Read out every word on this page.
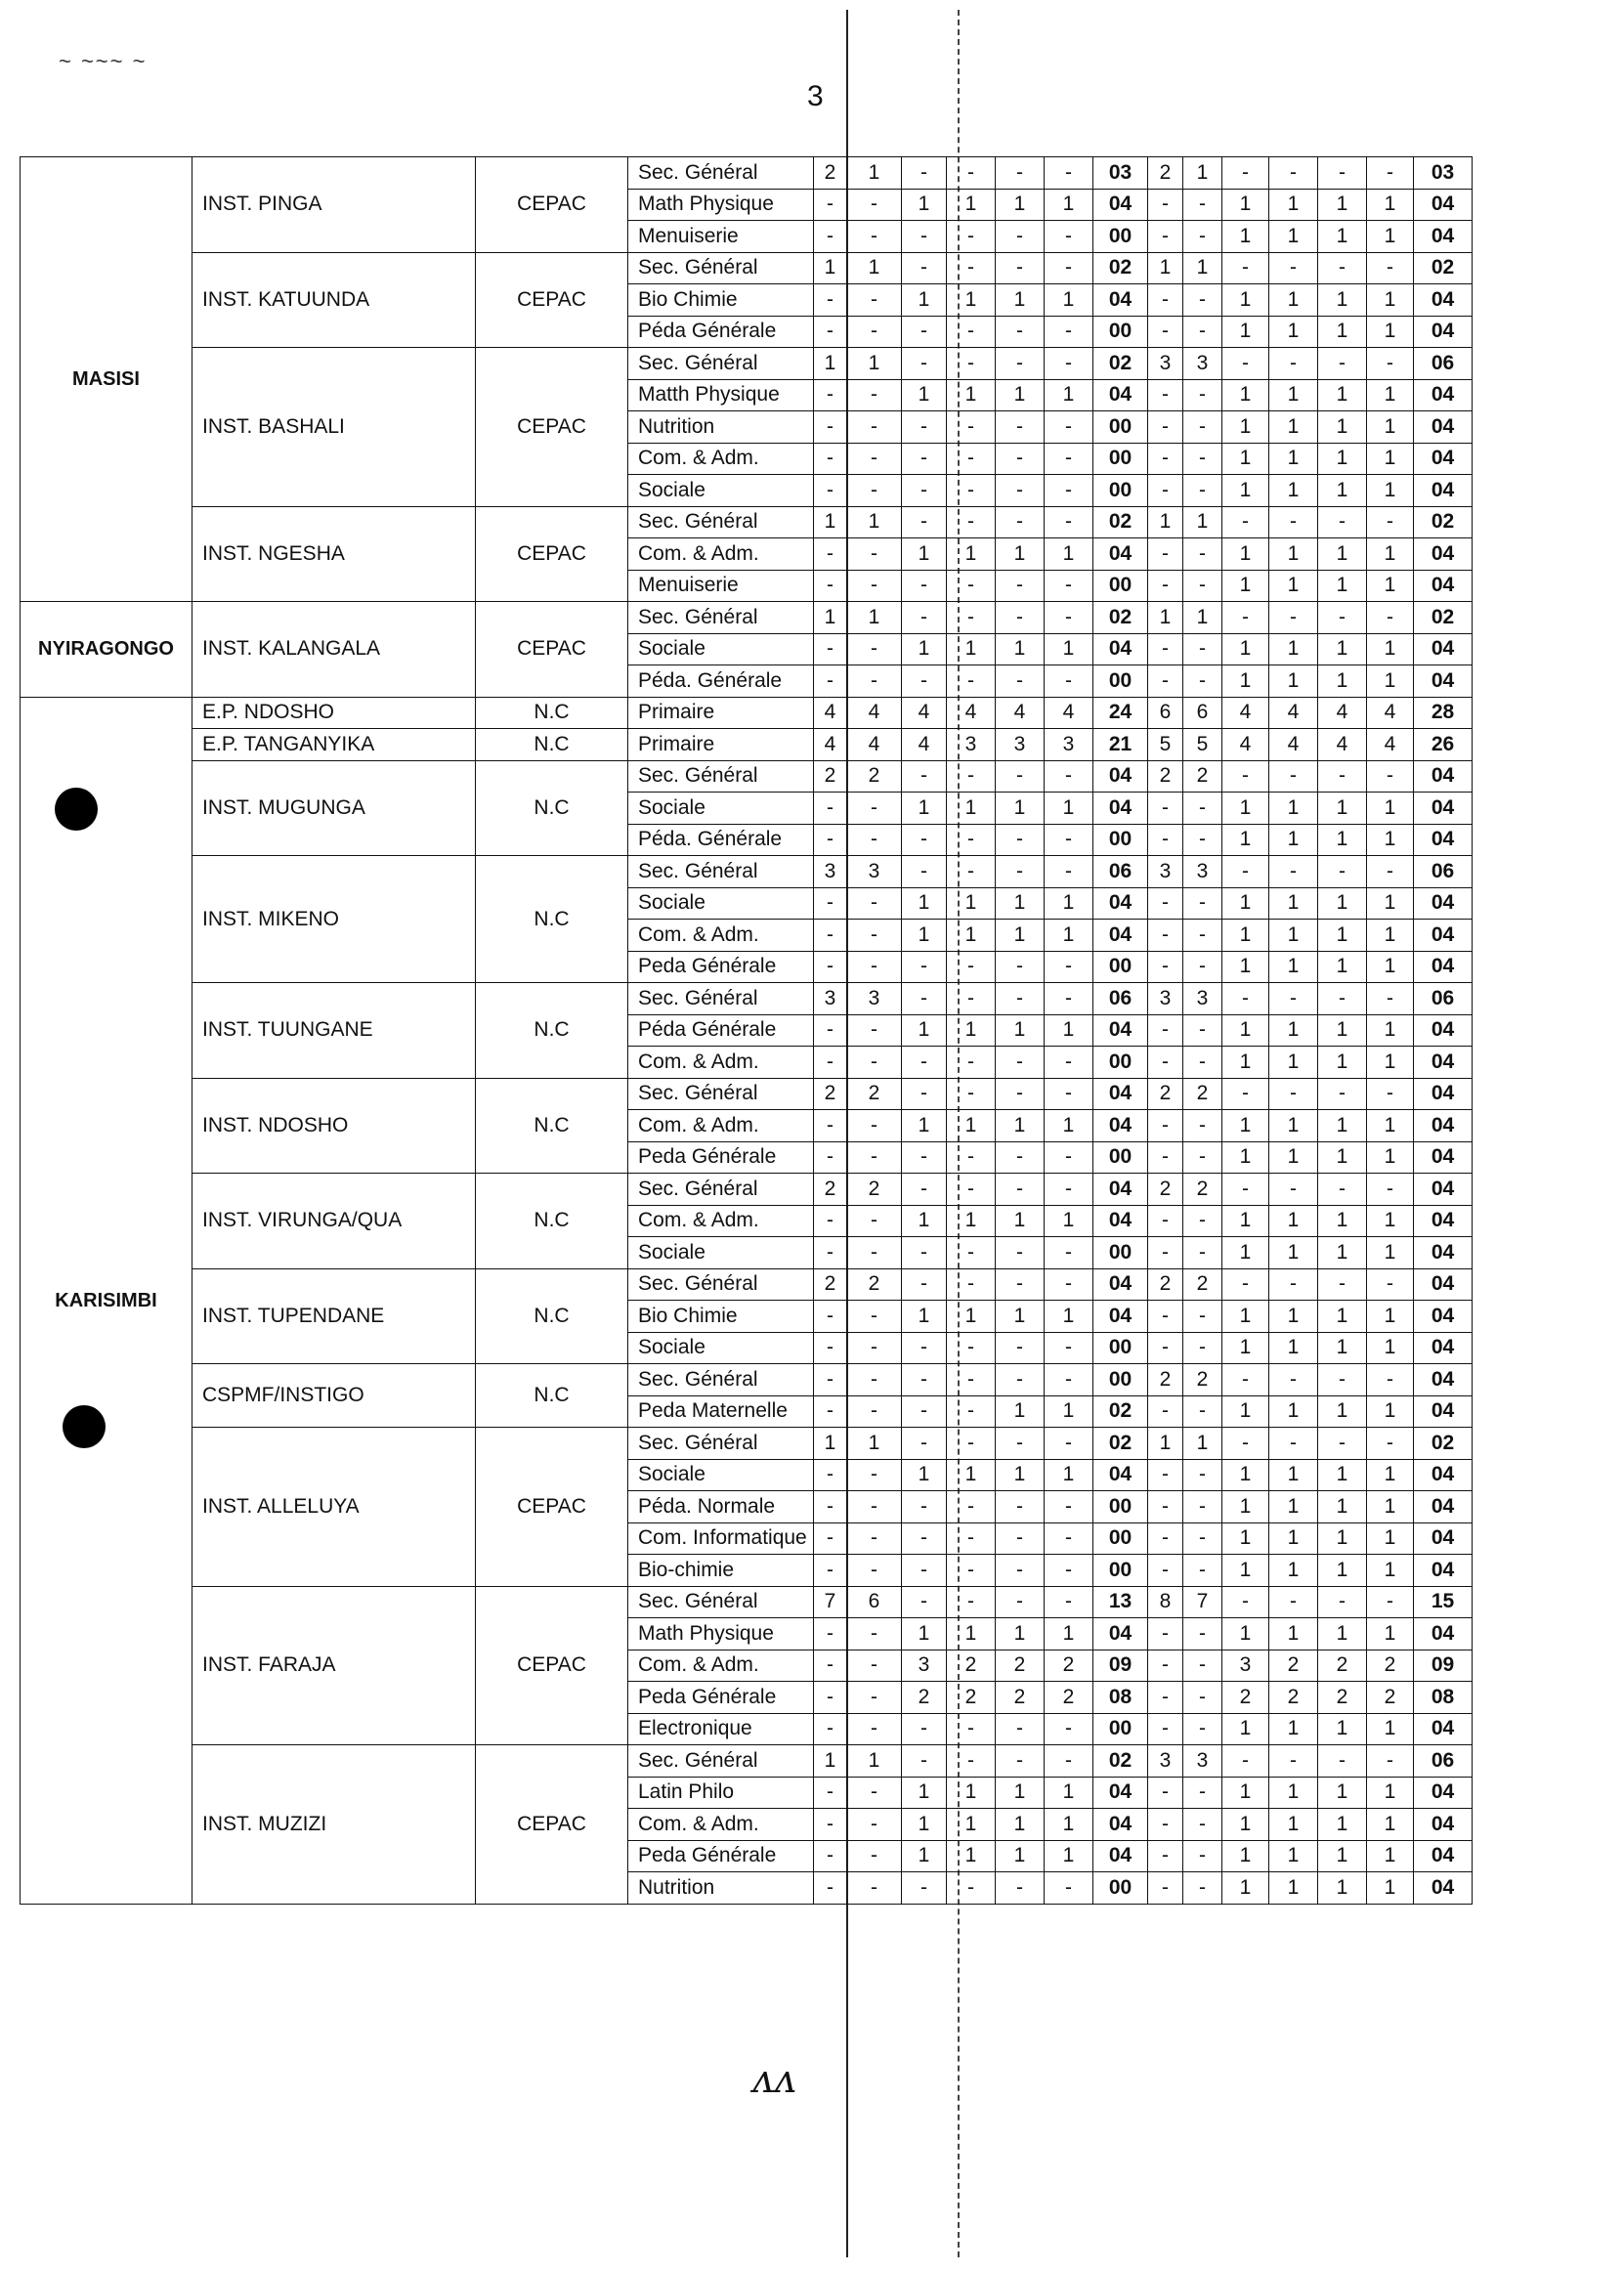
~ ~~~ ~
3
MASISI	INST. PINGA	CEPAC	Sec. Général	2	1	-	-	-	-	03	2	1	-	-	-	-	03
			Math Physique	-	-	1	1	1	1	04	-	-	1	1	1	1	04
			Menuiserie	-	-	-	-	-	-	00	-	-	1	1	1	1	04
	INST. KATUUNDA	CEPAC	Sec. Général	1	1	-	-	-	-	02	1	1	-	-	-	-	02
			Bio Chimie	-	-	1	1	1	1	04	-	-	1	1	1	1	04
			Péda Générale	-	-	-	-	-	-	00	-	-	1	1	1	1	04
	INST. BASHALI	CEPAC	Sec. Général	1	1	-	-	-	-	02	3	3	-	-	-	-	06
			Matth Physique	-	-	1	1	1	1	04	-	-	1	1	1	1	04
			Nutrition	-	-	-	-	-	-	00	-	-	1	1	1	1	04
			Com. & Adm.	-	-	-	-	-	-	00	-	-	1	1	1	1	04
			Sociale	-	-	-	-	-	-	00	-	-	1	1	1	1	04
	INST. NGESHA	CEPAC	Sec. Général	1	1	-	-	-	-	02	1	1	-	-	-	-	02
			Com. & Adm.	-	-	1	1	1	1	04	-	-	1	1	1	1	04
			Menuiserie	-	-	-	-	-	-	00	-	-	1	1	1	1	04
NYIRAGONGO	INST. KALANGALA	CEPAC	Sec. Général	1	1	-	-	-	-	02	1	1	-	-	-	-	02
			Sociale	-	-	1	1	1	1	04	-	-	1	1	1	1	04
			Péda. Générale	-	-	-	-	-	-	00	-	-	1	1	1	1	04
KARISIMBI	E.P. NDOSHO	N.C	Primaire	4	4	4	4	4	4	24	6	6	4	4	4	4	28
	E.P. TANGANYIKA	N.C	Primaire	4	4	4	3	3	3	21	5	5	4	4	4	4	26
	INST. MUGUNGA	N.C	Sec. Général	2	2	-	-	-	-	04	2	2	-	-	-	-	04
			Sociale	-	-	1	1	1	1	04	-	-	1	1	1	1	04
			Péda. Générale	-	-	-	-	-	-	00	-	-	1	1	1	1	04
	INST. MIKENO	N.C	Sec. Général	3	3	-	-	-	-	06	3	3	-	-	-	-	06
			Sociale	-	-	1	1	1	1	04	-	-	1	1	1	1	04
			Com. & Adm.	-	-	1	1	1	1	04	-	-	1	1	1	1	04
			Peda Générale	-	-	-	-	-	-	00	-	-	1	1	1	1	04
	INST. TUUNGANE	N.C	Sec. Général	3	3	-	-	-	-	06	3	3	-	-	-	-	06
			Péda Générale	-	-	1	1	1	1	04	-	-	1	1	1	1	04
			Com. & Adm.	-	-	-	-	-	-	00	-	-	1	1	1	1	04
	INST. NDOSHO	N.C	Sec. Général	2	2	-	-	-	-	04	2	2	-	-	-	-	04
			Com. & Adm.	-	-	1	1	1	1	04	-	-	1	1	1	1	04
			Peda Générale	-	-	-	-	-	-	00	-	-	1	1	1	1	04
	INST. VIRUNGA/QUA	N.C	Sec. Général	2	2	-	-	-	-	04	2	2	-	-	-	-	04
			Com. & Adm.	-	-	1	1	1	1	04	-	-	1	1	1	1	04
			Sociale	-	-	-	-	-	-	00	-	-	1	1	1	1	04
	INST. TUPENDANE	N.C	Sec. Général	2	2	-	-	-	-	04	2	2	-	-	-	-	04
			Bio Chimie	-	-	1	1	1	1	04	-	-	1	1	1	1	04
			Sociale	-	-	-	-	-	-	00	-	-	1	1	1	1	04
	CSPMF/INSTIGO	N.C	Sec. Général	-	-	-	-	-	-	00	2	2	-	-	-	-	04
			Peda Maternelle	-	-	-	-	1	1	02	-	-	1	1	1	1	04
	INST. ALLELUYA	CEPAC	Sec. Général	1	1	-	-	-	-	02	1	1	-	-	-	-	02
			Sociale	-	-	1	1	1	1	04	-	-	1	1	1	1	04
			Péda. Normale	-	-	-	-	-	-	00	-	-	1	1	1	1	04
			Com. Informatique	-	-	-	-	-	-	00	-	-	1	1	1	1	04
			Bio-chimie	-	-	-	-	-	-	00	-	-	1	1	1	1	04
	INST. FARAJA	CEPAC	Sec. Général	7	6	-	-	-	-	13	8	7	-	-	-	-	15
			Math Physique	-	-	1	1	1	1	04	-	-	1	1	1	1	04
			Com. & Adm.	-	-	3	2	2	2	09	-	-	3	2	2	2	09
			Peda Générale	-	-	2	2	2	2	08	-	-	2	2	2	2	08
			Electronique	-	-	-	-	-	-	00	-	-	1	1	1	1	04
	INST. MUZIZI	CEPAC	Sec. Général	1	1	-	-	-	-	02	3	3	-	-	-	-	06
			Latin Philo	-	-	1	1	1	1	04	-	-	1	1	1	1	04
			Com. & Adm.	-	-	1	1	1	1	04	-	-	1	1	1	1	04
			Peda Générale	-	-	1	1	1	1	04	-	-	1	1	1	1	04
			Nutrition	-	-	-	-	-	-	00	-	-	1	1	1	1	04
ᴧᴧ
